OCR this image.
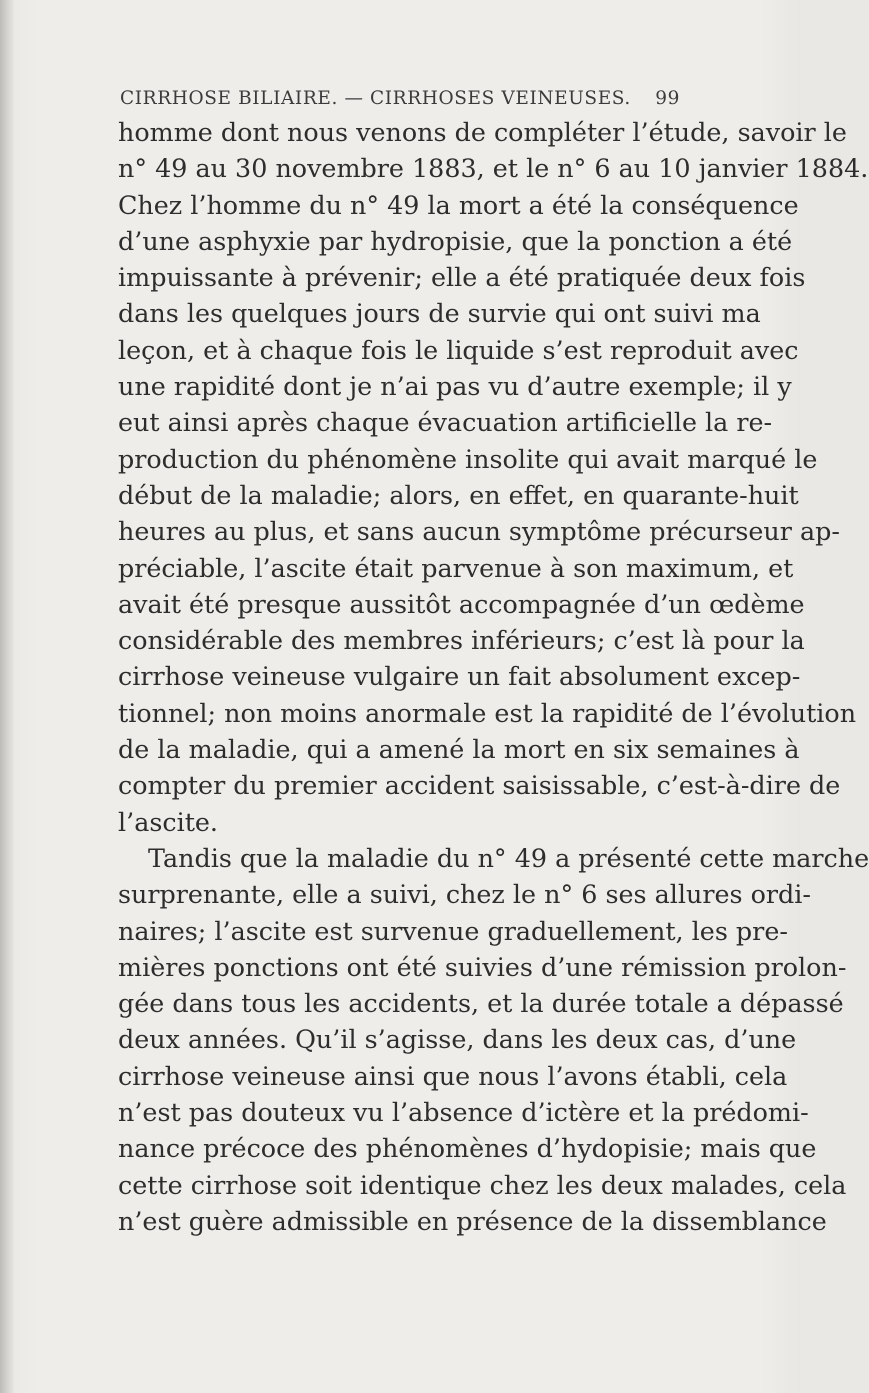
CIRRHOSE BILIAIRE. — CIRRHOSES VEINEUSES. 99
homme dont nous venons de compléter l’étude, savoir le
n° 49 au 30 novembre 1883, et le n° 6 au 10 janvier 1884.
Chez l’homme du n° 49 la mort a été la conséquence
d’une asphyxie par hydropisie, que la ponction a été
impuissante à prévenir; elle a été pratiquée deux fois
dans les quelques jours de survie qui ont suivi ma
leçon, et à chaque fois le liquide s’est reproduit avec
une rapidité dont je n’ai pas vu d’autre exemple; il y
eut ainsi après chaque évacuation artificielle la re-
production du phénomène insolite qui avait marqué le
début de la maladie; alors, en effet, en quarante-huit
heures au plus, et sans aucun symptôme précurseur ap-
préciable, l’ascite était parvenue à son maximum, et
avait été presque aussitôt accompagnée d’un œdème
considérable des membres inférieurs; c’est là pour la
cirrhose veineuse vulgaire un fait absolument excep-
tionnel; non moins anormale est la rapidité de l’évolution
de la maladie, qui a amené la mort en six semaines à
compter du premier accident saisissable, c’est-à-dire de
l’ascite.
Tandis que la maladie du n° 49 a présenté cette marche
surprenante, elle a suivi, chez le n° 6 ses allures ordi-
naires; l’ascite est survenue graduellement, les pre-
mières ponctions ont été suivies d’une rémission prolon-
gée dans tous les accidents, et la durée totale a dépassé
deux années. Qu’il s’agisse, dans les deux cas, d’une
cirrhose veineuse ainsi que nous l’avons établi, cela
n’est pas douteux vu l’absence d’ictère et la prédomi-
nance précoce des phénomènes d’hydopisie; mais que
cette cirrhose soit identique chez les deux malades, cela
n’est guère admissible en présence de la dissemblance
